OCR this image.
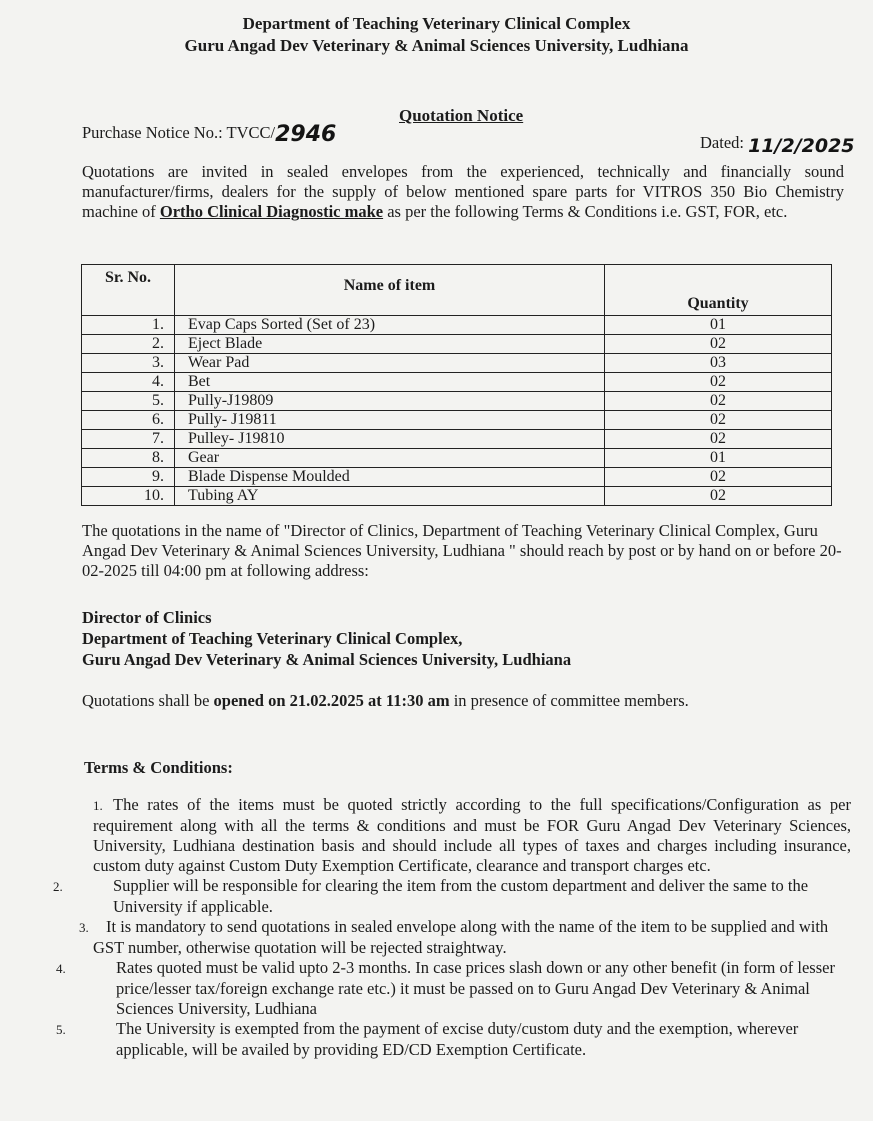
Department of Teaching Veterinary Clinical Complex
Guru Angad Dev Veterinary & Animal Sciences University, Ludhiana
Quotation Notice
Purchase Notice No.: TVCC/2946	Dated: 11/2/2025
Quotations are invited in sealed envelopes from the experienced, technically and financially sound manufacturer/firms, dealers for the supply of below mentioned spare parts for VITROS 350 Bio Chemistry machine of Ortho Clinical Diagnostic make as per the following Terms & Conditions i.e. GST, FOR, etc.
Sr. No.	Name of item	Quantity
1.	Evap Caps Sorted (Set of 23)	01
2.	Eject Blade	02
3.	Wear Pad	03
4.	Bet	02
5.	Pully-J19809	02
6.	Pully- J19811	02
7.	Pulley- J19810	02
8.	Gear	01
9.	Blade Dispense Moulded	02
10.	Tubing AY	02
The quotations in the name of "Director of Clinics, Department of Teaching Veterinary Clinical Complex, Guru Angad Dev Veterinary & Animal Sciences University, Ludhiana " should reach by post or by hand on or before 20-02-2025 till 04:00 pm at following address:
Director of Clinics
Department of Teaching Veterinary Clinical Complex,
Guru Angad Dev Veterinary & Animal Sciences University, Ludhiana
Quotations shall be opened on 21.02.2025 at 11:30 am in presence of committee members.
Terms & Conditions:
1. The rates of the items must be quoted strictly according to the full specifications/Configuration as per requirement along with all the terms & conditions and must be FOR Guru Angad Dev Veterinary Sciences, University, Ludhiana destination basis and should include all types of taxes and charges including insurance, custom duty against Custom Duty Exemption Certificate, clearance and transport charges etc.
2.	Supplier will be responsible for clearing the item from the custom department and deliver the same to the University if applicable.
3. It is mandatory to send quotations in sealed envelope along with the name of the item to be supplied and with GST number, otherwise quotation will be rejected straightway.
4.	Rates quoted must be valid upto 2-3 months. In case prices slash down or any other benefit (in form of lesser price/lesser tax/foreign exchange rate etc.) it must be passed on to Guru Angad Dev Veterinary & Animal Sciences University, Ludhiana
5.	The University is exempted from the payment of excise duty/custom duty and the exemption, wherever applicable, will be availed by providing ED/CD Exemption Certificate.
